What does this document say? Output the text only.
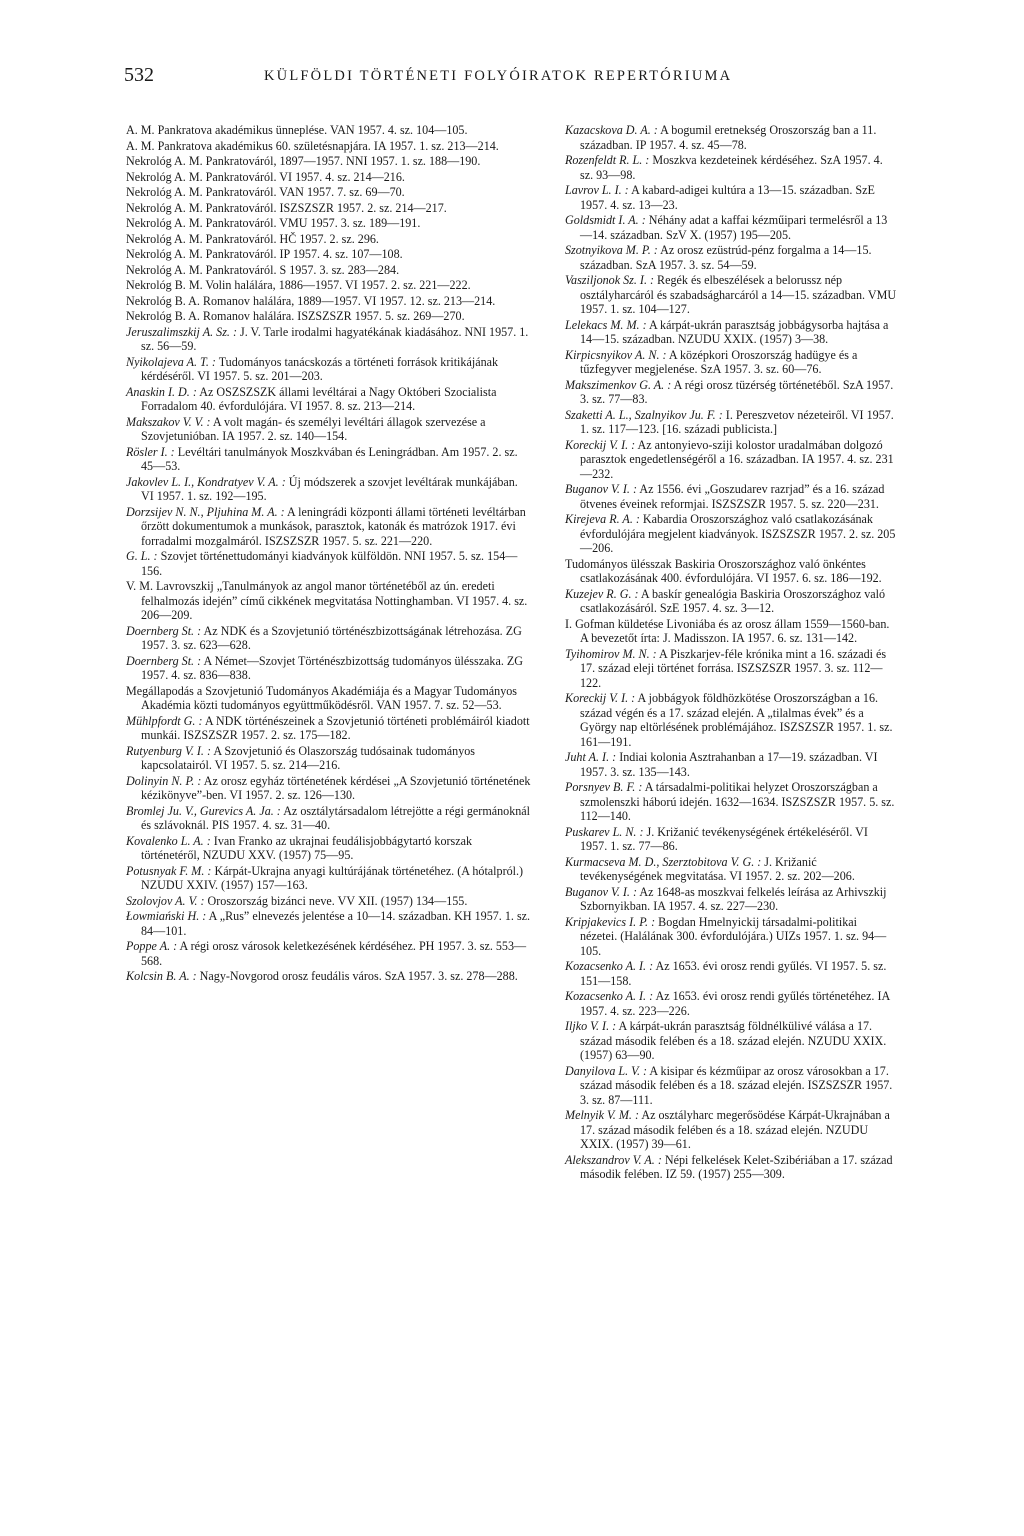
532	KÜLFÖLDI TÖRTÉNETI FOLYÓIRATOK REPERTÓRIUMA
A. M. Pankratova akadémikus ünneplése. VAN 1957. 4. sz. 104—105.
A. M. Pankratova akadémikus 60. születésnapjára. IA 1957. 1. sz. 213—214.
Nekrológ A. M. Pankratováról, 1897—1957. NNI 1957. 1. sz. 188—190.
Nekrológ A. M. Pankratováról. VI 1957. 4. sz. 214—216.
Nekrológ A. M. Pankratováról. VAN 1957. 7. sz. 69—70.
Nekrológ A. M. Pankratováról. ISZSZSZR 1957. 2. sz. 214—217.
Nekrológ A. M. Pankratováról. VMU 1957. 3. sz. 189—191.
Nekrológ A. M. Pankratováról. HČ 1957. 2. sz. 296.
Nekrológ A. M. Pankratováról. IP 1957. 4. sz. 107—108.
Nekrológ A. M. Pankratováról. S 1957. 3. sz. 283—284.
Nekrológ B. M. Volin halálára, 1886—1957. VI 1957. 2. sz. 221—222.
Nekrológ B. A. Romanov halálára, 1889—1957. VI 1957. 12. sz. 213—214.
Nekrológ B. A. Romanov halálára. ISZSZSZR 1957. 5. sz. 269—270.
Jeruszalimszkij A. Sz. : J. V. Tarle irodalmi hagyatékának kiadásához. NNI 1957. 1. sz. 56—59.
Nyikolajeva A. T. : Tudományos tanácskozás a történeti források kritikájának kérdéséről. VI 1957. 5. sz. 201—203.
Anaskin I. D. : Az OSZSZSZK állami levéltárai a Nagy Októberi Szocialista Forradalom 40. évfordulójára. VI 1957. 8. sz. 213—214.
Makszakov V. V. : A volt magán- és személyi levéltári állagok szervezése a Szovjetunióban. IA 1957. 2. sz. 140—154.
Rösler I. : Levéltári tanulmányok Moszkvában és Leningrádban. Am 1957. 2. sz. 45—53.
Jakovlev L. I., Kondratyev V. A. : Új módszerek a szovjet levéltárak munkájában. VI 1957. 1. sz. 192—195.
Dorzsijev N. N., Pljuhina M. A. : A leningrádi központi állami történeti levéltárban őrzött dokumentumok a munkások, parasztok, katonák és matrózok 1917. évi forradalmi mozgalmáról. ISZSZSZR 1957. 5. sz. 221—220.
G. L. : Szovjet történettudományi kiadványok külföldön. NNI 1957. 5. sz. 154—156.
V. M. Lavrovszkij „Tanulmányok az angol manor történetéből az ún. eredeti felhalmozás idején” című cikkének megvitatása Nottinghamban. VI 1957. 4. sz. 206—209.
Doernberg St. : Az NDK és a Szovjetunió történészbizottságának létrehozása. ZG 1957. 3. sz. 623—628.
Doernberg St. : A Német—Szovjet Történészbizottság tudományos ülésszaka. ZG 1957. 4. sz. 836—838.
Megállapodás a Szovjetunió Tudományos Akadémiája és a Magyar Tudományos Akadémia közti tudományos együttműködésről. VAN 1957. 7. sz. 52—53.
Mühlpfordt G. : A NDK történészeinek a Szovjetunió történeti problémáiról kiadott munkái. ISZSZSZR 1957. 2. sz. 175—182.
Rutyenburg V. I. : A Szovjetunió és Olaszország tudósainak tudományos kapcsolatairól. VI 1957. 5. sz. 214—216.
Dolinyin N. P. : Az orosz egyház történetének kérdései „A Szovjetunió történetének kézikönyve”-ben. VI 1957. 2. sz. 126—130.
Bromlej Ju. V., Gurevics A. Ja. : Az osztálytársadalom létrejötte a régi germánoknál és szlávoknál. PIS 1957. 4. sz. 31—40.
Kovalenko L. A. : Ivan Franko az ukrajnai feudálisjobbágytartó korszak történetéről, NZUDU XXV. (1957) 75—95.
Potusnyak F. M. : Kárpát-Ukrajna anyagi kultúrájának történetéhez. (A hótalpról.) NZUDU XXIV. (1957) 157—163.
Szolovjov A. V. : Oroszország bizánci neve. VV XII. (1957) 134—155.
Łowmiański H. : A „Rus” elnevezés jelentése a 10—14. században. KH 1957. 1. sz. 84—101.
Poppe A. : A régi orosz városok keletkezésének kérdéséhez. PH 1957. 3. sz. 553—568.
Kolcsin B. A. : Nagy-Novgorod orosz feudális város. SzA 1957. 3. sz. 278—288.
Kazacskova D. A. : A bogumil eretnekség Oroszország ban a 11. században. IP 1957. 4. sz. 45—78.
Rozenfeldt R. L. : Moszkva kezdeteinek kérdéséhez. SzA 1957. 4. sz. 93—98.
Lavrov L. I. : A kabard-adigei kultúra a 13—15. században. SzE 1957. 4. sz. 13—23.
Goldsmidt I. A. : Néhány adat a kaffai kézműipari termelésről a 13—14. században. SzV X. (1957) 195—205.
Szotnyikova M. P. : Az orosz ezüstrúd-pénz forgalma a 14—15. században. SzA 1957. 3. sz. 54—59.
Vasziljonok Sz. I. : Regék és elbeszélések a belorussz nép osztályharcáról és szabadságharcáról a 14—15. században. VMU 1957. 1. sz. 104—127.
Lelekacs M. M. : A kárpát-ukrán parasztság jobbágysorba hajtása a 14—15. században. NZUDU XXIX. (1957) 3—38.
Kirpicsnyikov A. N. : A középkori Oroszország hadügye és a tűzfegyver megjelenése. SzA 1957. 3. sz. 60—76.
Makszimenkov G. A. : A régi orosz tüzérség történetéből. SzA 1957. 3. sz. 77—83.
Szaketti A. L., Szalnyikov Ju. F. : I. Pereszvetov nézeteiről. VI 1957. 1. sz. 117—123. [16. századi publicista.]
Koreckij V. I. : Az antonyievo-sziji kolostor uradalmában dolgozó parasztok engedetlenségéről a 16. században. IA 1957. 4. sz. 231—232.
Buganov V. I. : Az 1556. évi „Goszudarev razrjad” és a 16. század ötvenes éveinek reformjai. ISZSZSZR 1957. 5. sz. 220—231.
Kirejeva R. A. : Kabardia Oroszországhoz való csatlakozásának évfordulójára megjelent kiadványok. ISZSZSZR 1957. 2. sz. 205—206.
Tudományos ülésszak Baskiria Oroszországhoz való önkéntes csatlakozásának 400. évfordulójára. VI 1957. 6. sz. 186—192.
Kuzejev R. G. : A baskír genealógia Baskiria Oroszországhoz való csatlakozásáról. SzE 1957. 4. sz. 3—12.
I. Gofman küldetése Livoniába és az orosz állam 1559—1560-ban. A bevezetőt írta: J. Madisszon. IA 1957. 6. sz. 131—142.
Tyihomirov M. N. : A Piszkarjev-féle krónika mint a 16. századi és 17. század eleji történet forrása. ISZSZSZR 1957. 3. sz. 112—122.
Koreckij V. I. : A jobbágyok földhözkötése Oroszországban a 16. század végén és a 17. század elején. A „tilalmas évek” és a György nap eltörlésének problémájához. ISZSZSZR 1957. 1. sz. 161—191.
Juht A. I. : Indiai kolonia Asztrahanban a 17—19. században. VI 1957. 3. sz. 135—143.
Porsnyev B. F. : A társadalmi-politikai helyzet Oroszországban a szmolenszki háború idején. 1632—1634. ISZSZSZR 1957. 5. sz. 112—140.
Puskarev L. N. : J. Križanić tevékenységének értékeléséről. VI 1957. 1. sz. 77—86.
Kurmacseva M. D., Szerztobitova V. G. : J. Križanić tevékenységének megvitatása. VI 1957. 2. sz. 202—206.
Buganov V. I. : Az 1648-as moszkvai felkelés leírása az Arhivszkij Szbornyikban. IA 1957. 4. sz. 227—230.
Kripjakevics I. P. : Bogdan Hmelnyickij társadalmi-politikai nézetei. (Halálának 300. évfordulójára.) UIZs 1957. 1. sz. 94—105.
Kozacsenko A. I. : Az 1653. évi orosz rendi gyűlés. VI 1957. 5. sz. 151—158.
Kozacsenko A. I. : Az 1653. évi orosz rendi gyűlés történetéhez. IA 1957. 4. sz. 223—226.
Iljko V. I. : A kárpát-ukrán parasztság földnélkülivé válása a 17. század második felében és a 18. század elején. NZUDU XXIX. (1957) 63—90.
Danyilova L. V. : A kisipar és kézműipar az orosz városokban a 17. század második felében és a 18. század elején. ISZSZSZR 1957. 3. sz. 87—111.
Melnyik V. M. : Az osztályharc megerősödése Kárpát-Ukrajnában a 17. század második felében és a 18. század elején. NZUDU XXIX. (1957) 39—61.
Alekszandrov V. A. : Népi felkelések Kelet-Szibériában a 17. század második felében. IZ 59. (1957) 255—309.
